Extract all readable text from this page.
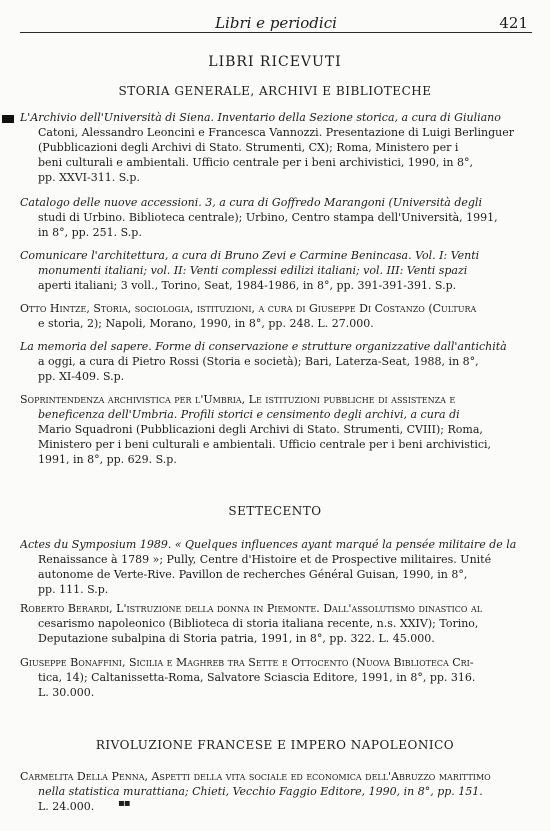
Libri e periodici	421
LIBRI RICEVUTI
STORIA GENERALE, ARCHIVI E BIBLIOTECHE
L'Archivio dell'Università di Siena. Inventario della Sezione storica, a cura di Giuliano
Catoni, Alessandro Leoncini e Francesca Vannozzi. Presentazione di Luigi Berlinguer
(Pubblicazioni degli Archivi di Stato. Strumenti, CX); Roma, Ministero per i
beni culturali e ambientali. Ufficio centrale per i beni archivistici, 1990, in 8°,
pp. XXVI-311. S.p.
Catalogo delle nuove accessioni. 3, a cura di Goffredo Marangoni (Università degli
studi di Urbino. Biblioteca centrale); Urbino, Centro stampa dell'Università, 1991,
in 8°, pp. 251. S.p.
Comunicare l'architettura, a cura di Bruno Zevi e Carmine Benincasa. Vol. I: Venti
monumenti italiani; vol. II: Venti complessi edilizi italiani; vol. III: Venti spazi
aperti italiani; 3 voll., Torino, Seat, 1984-1986, in 8°, pp. 391-391-391. S.p.
Otto Hintze, Storia, sociologia, istituzioni, a cura di Giuseppe Di Costanzo (Cultura
e storia, 2); Napoli, Morano, 1990, in 8°, pp. 248. L. 27.000.
La memoria del sapere. Forme di conservazione e strutture organizzative dall'antichità
a oggi, a cura di Pietro Rossi (Storia e società); Bari, Laterza-Seat, 1988, in 8°,
pp. XI-409. S.p.
Soprintendenza archivistica per l'Umbria, Le istituzioni pubbliche di assistenza e
beneficenza dell'Umbria. Profili storici e censimento degli archivi, a cura di
Mario Squadroni (Pubblicazioni degli Archivi di Stato. Strumenti, CVIII); Roma,
Ministero per i beni culturali e ambientali. Ufficio centrale per i beni archivistici,
1991, in 8°, pp. 629. S.p.
SETTECENTO
Actes du Symposium 1989. « Quelques influences ayant marqué la pensée militaire de la
Renaissance à 1789 »; Pully, Centre d'Histoire et de Prospective militaires. Unité
autonome de Verte-Rive. Pavillon de recherches Général Guisan, 1990, in 8°,
pp. 111. S.p.
Roberto Berardi, L'istruzione della donna in Piemonte. Dall'assolutismo dinastico al
cesarismo napoleonico (Biblioteca di storia italiana recente, n.s. XXIV); Torino,
Deputazione subalpina di Storia patria, 1991, in 8°, pp. 322. L. 45.000.
Giuseppe Bonaffini, Sicilia e Maghreb tra Sette e Ottocento (Nuova Biblioteca Cri-
tica, 14); Caltanissetta-Roma, Salvatore Sciascia Editore, 1991, in 8°, pp. 316.
L. 30.000.
RIVOLUZIONE FRANCESE E IMPERO NAPOLEONICO
Carmelita Della Penna, Aspetti della vita sociale ed economica dell'Abruzzo marittimo
nella statistica murattiana; Chieti, Vecchio Faggio Editore, 1990, in 8°, pp. 151.
L. 24.000.	▪▪
